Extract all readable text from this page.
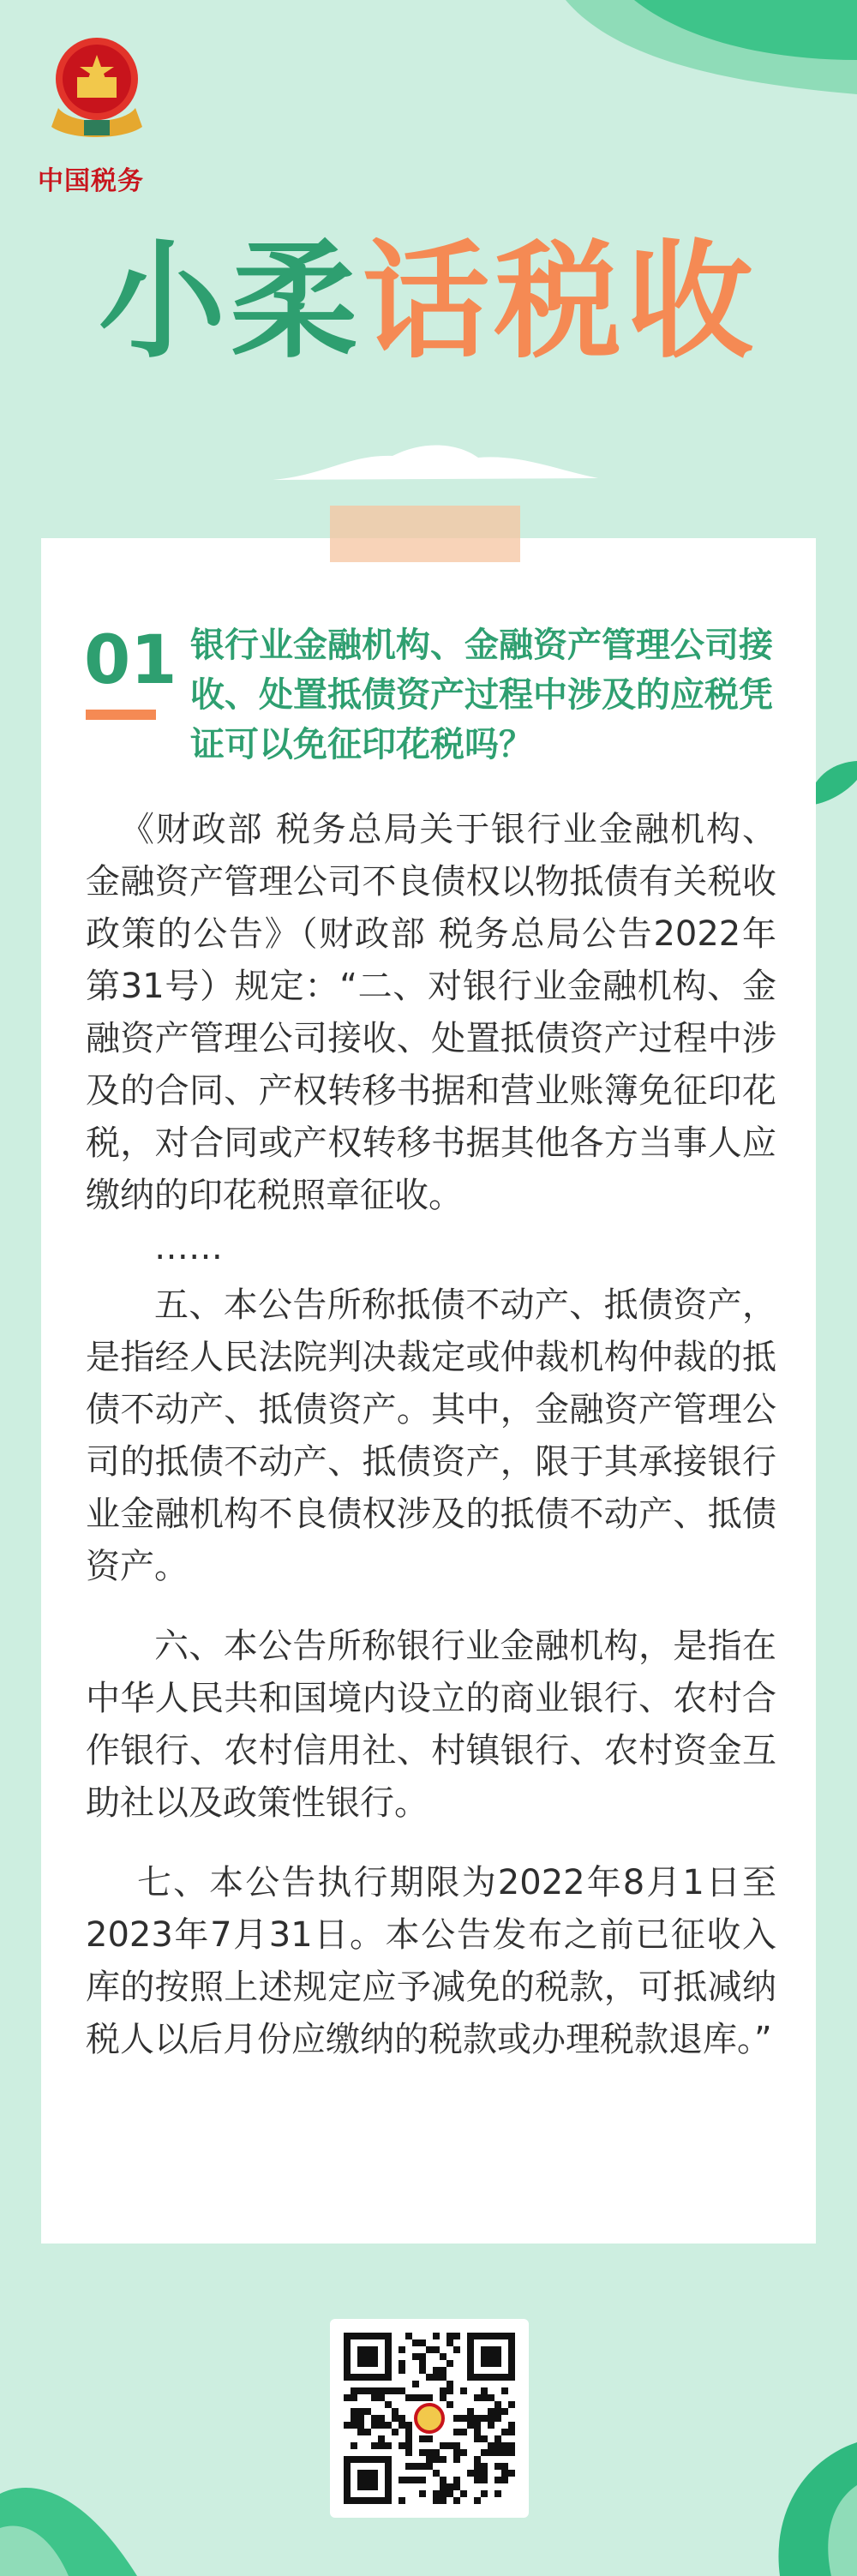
中国税务
小柔话税收
01 银行业金融机构、金融资产管理公司接收、处置抵债资产过程中涉及的应税凭证可以免征印花税吗？

《财政部 税务总局关于银行业金融机构、金融资产管理公司不良债权以物抵债有关税收政策的公告》（财政部 税务总局公告2022年第31号）规定：“二、对银行业金融机构、金融资产管理公司接收、处置抵债资产过程中涉及的合同、产权转移书据和营业账簿免征印花税，对合同或产权转移书据其他各方当事人应缴纳的印花税照章征收。

……

五、本公告所称抵债不动产、抵债资产，是指经人民法院判决裁定或仲裁机构仲裁的抵债不动产、抵债资产。其中，金融资产管理公司的抵债不动产、抵债资产，限于其承接银行业金融机构不良债权涉及的抵债不动产、抵债资产。

六、本公告所称银行业金融机构，是指在中华人民共和国境内设立的商业银行、农村合作银行、农村信用社、村镇银行、农村资金互助社以及政策性银行。

七、本公告执行期限为2022年8月1日至2023年7月31日。本公告发布之前已征收入库的按照上述规定应予减免的税款，可抵减纳税人以后月份应缴纳的税款或办理税款退库。”
